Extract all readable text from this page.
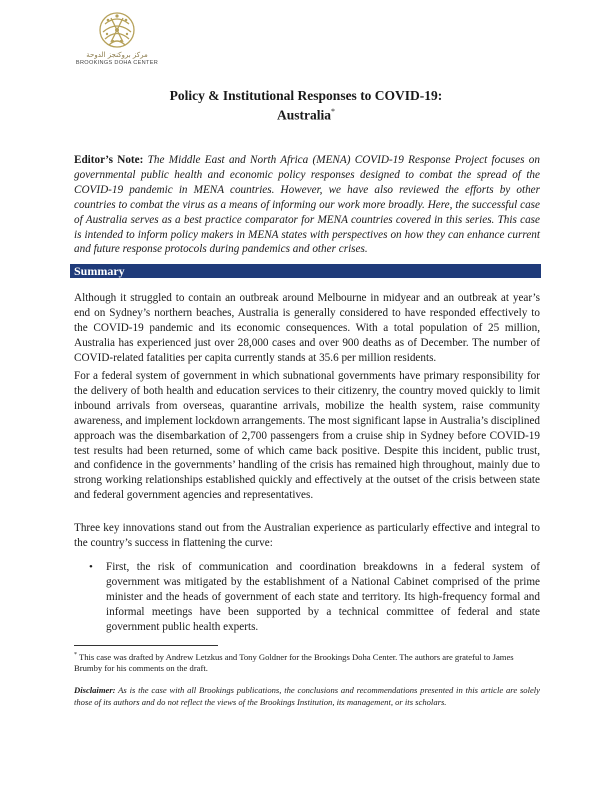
مركز بروكنجز الدوحة
BROOKINGS DOHA CENTER
Policy & Institutional Responses to COVID-19:
Australia*
Editor’s Note: The Middle East and North Africa (MENA) COVID-19 Response Project focuses on governmental public health and economic policy responses designed to combat the spread of the COVID-19 pandemic in MENA countries. However, we have also reviewed the efforts by other countries to combat the virus as a means of informing our work more broadly. Here, the successful case of Australia serves as a best practice comparator for MENA countries covered in this series. This case is intended to inform policy makers in MENA states with perspectives on how they can enhance current and future response protocols during pandemics and other crises.
Summary
Although it struggled to contain an outbreak around Melbourne in midyear and an outbreak at year’s end on Sydney’s northern beaches, Australia is generally considered to have responded effectively to the COVID-19 pandemic and its economic consequences. With a total population of 25 million, Australia has experienced just over 28,000 cases and over 900 deaths as of December. The number of COVID-related fatalities per capita currently stands at 35.6 per million residents.
For a federal system of government in which subnational governments have primary responsibility for the delivery of both health and education services to their citizenry, the country moved quickly to limit inbound arrivals from overseas, quarantine arrivals, mobilize the health system, raise community awareness, and implement lockdown arrangements. The most significant lapse in Australia’s disciplined approach was the disembarkation of 2,700 passengers from a cruise ship in Sydney before COVID-19 test results had been returned, some of which came back positive. Despite this incident, public trust, and confidence in the governments’ handling of the crisis has remained high throughout, mainly due to strong working relationships established quickly and effectively at the outset of the crisis between state and federal government agencies and representatives.
Three key innovations stand out from the Australian experience as particularly effective and integral to the country’s success in flattening the curve:
• First, the risk of communication and coordination breakdowns in a federal system of government was mitigated by the establishment of a National Cabinet comprised of the prime minister and the heads of government of each state and territory. Its high-frequency formal and informal meetings have been supported by a technical committee of federal and state government public health experts.
* This case was drafted by Andrew Letzkus and Tony Goldner for the Brookings Doha Center. The authors are grateful to James Brumby for his comments on the draft.
Disclaimer: As is the case with all Brookings publications, the conclusions and recommendations presented in this article are solely those of its authors and do not reflect the views of the Brookings Institution, its management, or its scholars.
